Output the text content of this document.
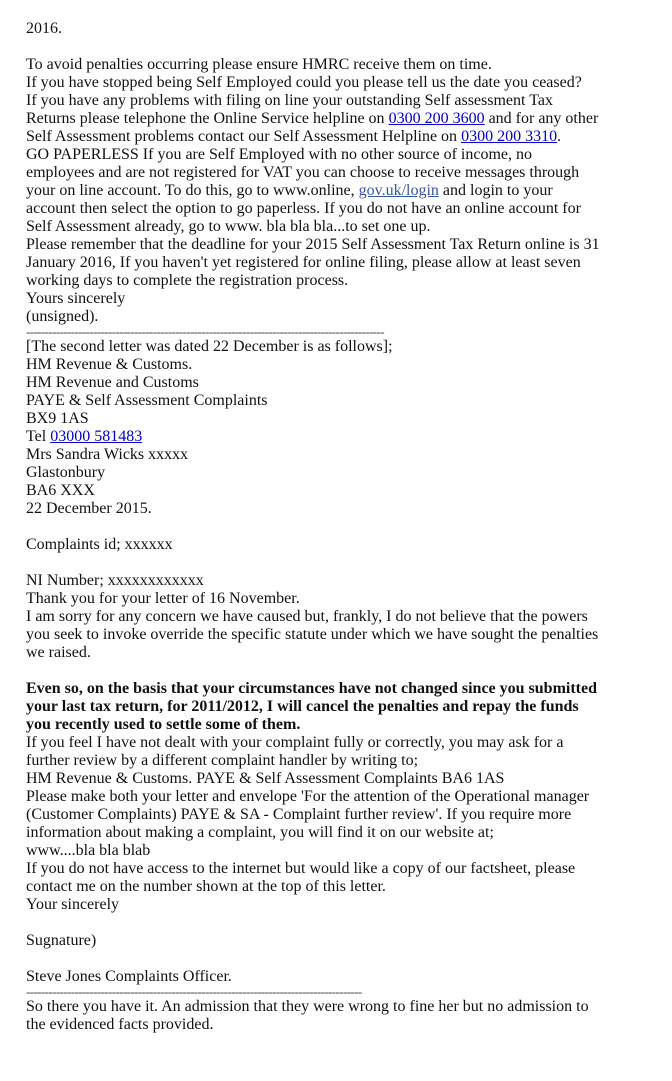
2016.
To avoid penalties occurring please ensure HMRC receive them on time.
If you have stopped being Self Employed could you please tell us the date you ceased?
If you have any problems with filing on line your outstanding Self assessment Tax
Returns please telephone the Online Service helpline on 0300 200 3600 and for any other
Self Assessment problems contact our Self Assessment Helpline on 0300 200 3310.
GO PAPERLESS If you are Self Employed with no other source of income, no
employees and are not registered for VAT you can choose to receive messages through
your on line account. To do this, go to www.online, gov.uk/login and login to your
account then select the option to go paperless. If you do not have an online account for
Self Assessment already, go to www. bla bla bla...to set one up.
Please remember that the deadline for your 2015 Self Assessment Tax Return online is 31
January 2016, If you haven't yet registered for online filing, please allow at least seven
working days to complete the registration process.
Yours sincerely
(unsigned).
------------------------------------------------------------------------------------------------
[The second letter was dated 22 December is as follows];
HM Revenue & Customs.
HM Revenue and Customs
PAYE & Self Assessment Complaints
BX9 1AS
Tel 03000 581483
Mrs Sandra Wicks xxxxx
Glastonbury
BA6 XXX
22 December 2015.
Complaints id; xxxxxx
NI Number; xxxxxxxxxxxx
Thank you for your letter of 16 November.
I am sorry for any concern we have caused but, frankly, I do not believe that the powers
you seek to invoke override the specific statute under which we have sought the penalties
we raised.
Even so, on the basis that your circumstances have not changed since you submitted
your last tax return, for 2011/2012, I will cancel the penalties and repay the funds
you recently used to settle some of them.
If you feel I have not dealt with your complaint fully or correctly, you may ask for a
further review by a different complaint handler by writing to;
HM Revenue & Customs. PAYE & Self Assessment Complaints BA6 1AS
Please make both your letter and envelope 'For the attention of the Operational manager
(Customer Complaints) PAYE & SA - Complaint further review'. If you require more
information about making a complaint, you will find it on our website at;
www....bla bla blab
If you do not have access to the internet but would like a copy of our factsheet, please
contact me on the number shown at the top of this letter.
Your sincerely
Sugnature)
Steve Jones Complaints Officer.
------------------------------------------------------------------------------------------
So there you have it. An admission that they were wrong to fine her but no admission to
the evidenced facts provided.
